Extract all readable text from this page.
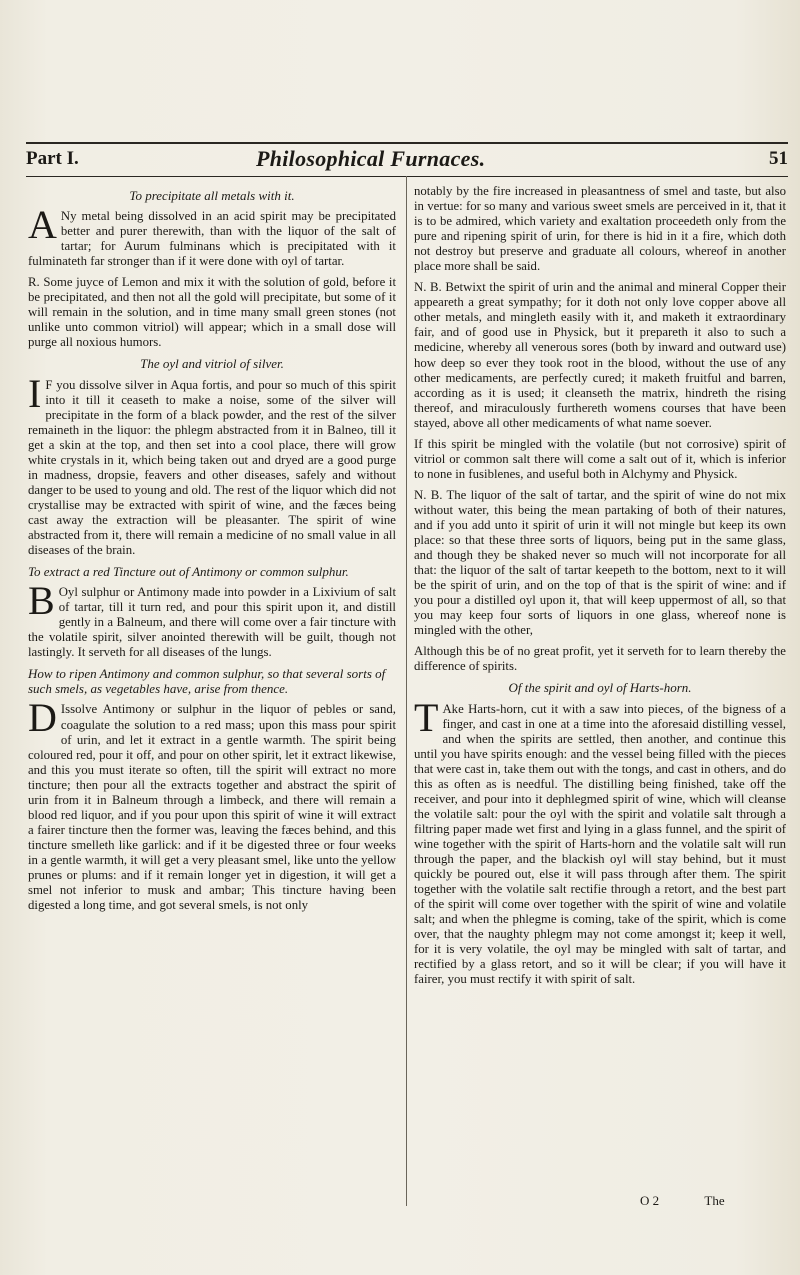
Part I.	Philosophical Furnaces.	51
To precipitate all metals with it.

A Ny metal being dissolved in an acid spirit may be precipitated better and purer therewith, than with the liquor of the salt of tartar; for Aurum fulminans which is precipitated with it fulminateth far stronger than if it were done with oyl of tartar.

R. Some juyce of Lemon and mix it with the solution of gold, before it be precipitated, and then not all the gold will precipitate, but some of it will remain in the solution, and in time many small green stones (not unlike unto common vitriol) will appear; which in a small dose will purge all noxious humors.

The oyl and vitriol of silver.

I F you dissolve silver in Aqua fortis, and pour so much of this spirit into it till it ceaseth to make a noise, some of the silver will precipitate in the form of a black powder, and the rest of the silver remaineth in the liquor: the phlegm abstracted from it in Balneo, till it get a skin at the top, and then set into a cool place, there will grow white crystals in it, which being taken out and dryed are a good purge in madness, dropsie, feavers and other diseases, safely and without danger to be used to young and old. The rest of the liquor which did not crystallise may be extracted with spirit of wine, and the fæces being cast away the extraction will be pleasanter. The spirit of wine abstracted from it, there will remain a medicine of no small value in all diseases of the brain.

To extract a red Tincture out of Antimony or common sulphur.

B Oyl sulphur or Antimony made into powder in a Lixivium of salt of tartar, till it turn red, and pour this spirit upon it, and distill gently in a Balneum, and there will come over a fair tincture with the volatile spirit, silver anointed therewith will be guilt, though not lastingly. It serveth for all diseases of the lungs.

How to ripen Antimony and common sulphur, so that several sorts of such smels, as vegetables have, arise from thence.

D Issolve Antimony or sulphur in the liquor of pebles or sand, coagulate the solution to a red mass; upon this mass pour spirit of urin, and let it extract in a gentle warmth. The spirit being coloured red, pour it off, and pour on other spirit, let it extract likewise, and this you must iterate so often, till the spirit will extract no more tincture; then pour all the extracts together and abstract the spirit of urin from it in Balneum through a limbeck, and there will remain a blood red liquor, and if you pour upon this spirit of wine it will extract a fairer tincture then the former was, leaving the fæces behind, and this tincture smelleth like garlick: and if it be digested three or four weeks in a gentle warmth, it will get a very pleasant smel, like unto the yellow prunes or plums: and if it remain longer yet in digestion, it will get a smel not inferior to musk and ambar; This tincture having been digested a long time, and got several smels, is not only

notably by the fire increased in pleasantness of smel and taste, but also in vertue: for so many and various sweet smels are perceived in it, that it is to be admired, which variety and exaltation proceedeth only from the pure and ripening spirit of urin, for there is hid in it a fire, which doth not destroy but preserve and graduate all colours, whereof in another place more shall be said.

N. B. Betwixt the spirit of urin and the animal and mineral Copper their appeareth a great sympathy; for it doth not only love copper above all other metals, and mingleth easily with it, and maketh it extraordinary fair, and of good use in Physick, but it prepareth it also to such a medicine, whereby all venerous sores (both by inward and outward use) how deep so ever they took root in the blood, without the use of any other medicaments, are perfectly cured; it maketh fruitful and barren, according as it is used; it cleanseth the matrix, hindreth the rising thereof, and miraculously furthereth womens courses that have been stayed, above all other medicaments of what name soever.

If this spirit be mingled with the volatile (but not corrosive) spirit of vitriol or common salt there will come a salt out of it, which is inferior to none in fusiblenes, and useful both in Alchymy and Physick.

N. B. The liquor of the salt of tartar, and the spirit of wine do not mix without water, this being the mean partaking of both of their natures, and if you add unto it spirit of urin it will not mingle but keep its own place: so that these three sorts of liquors, being put in the same glass, and though they be shaked never so much will not incorporate for all that: the liquor of the salt of tartar keepeth to the bottom, next to it will be the spirit of urin, and on the top of that is the spirit of wine: and if you pour a distilled oyl upon it, that will keep uppermost of all, so that you may keep four sorts of liquors in one glass, whereof none is mingled with the other,

Although this be of no great profit, yet it serveth for to learn thereby the difference of spirits.

Of the spirit and oyl of Harts-horn.

T Ake Harts-horn, cut it with a saw into pieces, of the bigness of a finger, and cast in one at a time into the aforesaid distilling vessel, and when the spirits are settled, then another, and continue this until you have spirits enough: and the vessel being filled with the pieces that were cast in, take them out with the tongs, and cast in others, and do this as often as is needful. The distilling being finished, take off the receiver, and pour into it dephlegmed spirit of wine, which will cleanse the volatile salt: pour the oyl with the spirit and volatile salt through a filtring paper made wet first and lying in a glass funnel, and the spirit of wine together with the spirit of Harts-horn and the volatile salt will run through the paper, and the blackish oyl will stay behind, but it must quickly be poured out, else it will pass through after them. The spirit together with the volatile salt rectifie through a retort, and the best part of the spirit will come over together with the spirit of wine and volatile salt; and when the phlegme is coming, take of the spirit, which is come over, that the naughty phlegm may not come amongst it; keep it well, for it is very volatile, the oyl may be mingled with salt of tartar, and rectified by a glass retort, and so it will be clear; if you will have it fairer, you must rectify it with spirit of salt.

O 2	The
